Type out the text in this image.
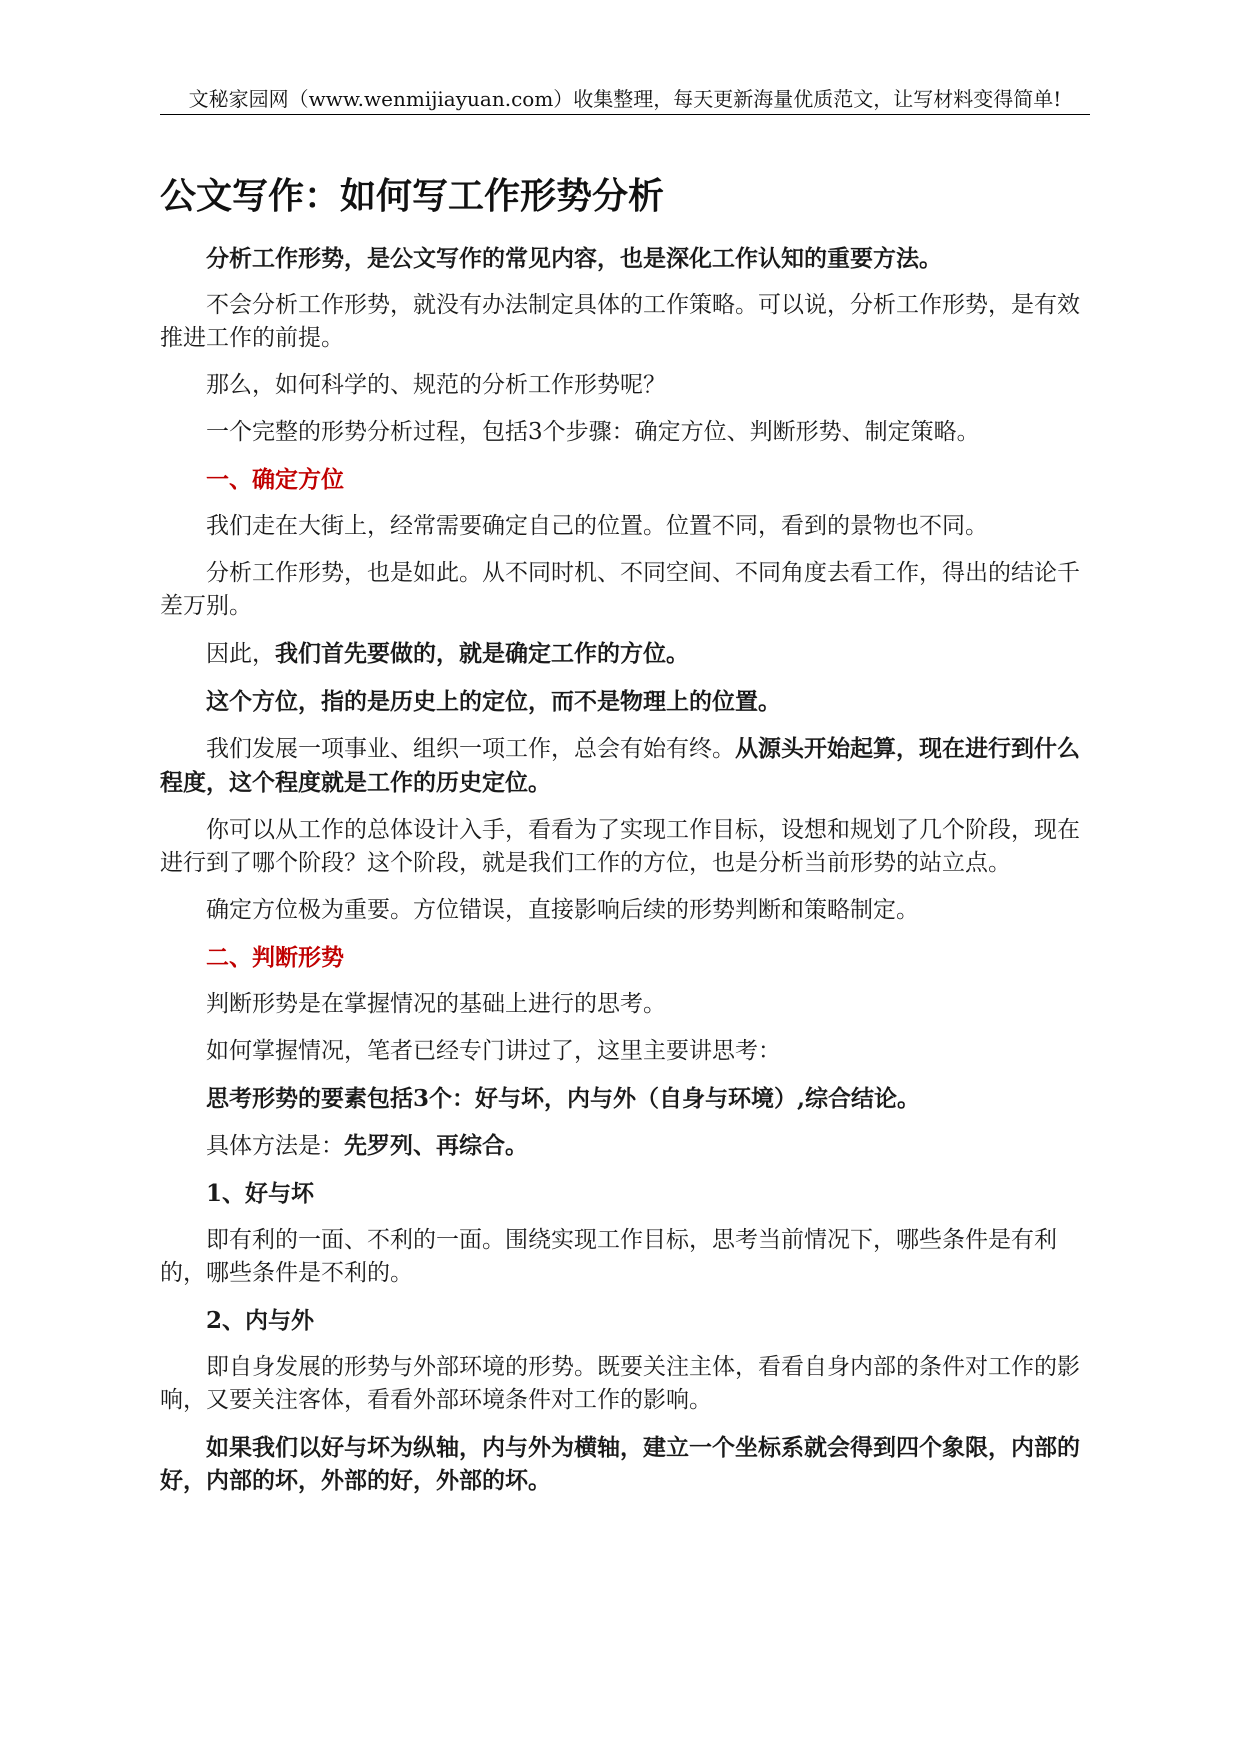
文秘家园网（www.wenmijiayuan.com）收集整理，每天更新海量优质范文，让写材料变得简单!
公文写作：如何写工作形势分析

分析工作形势，是公文写作的常见内容，也是深化工作认知的重要方法。

不会分析工作形势，就没有办法制定具体的工作策略。可以说，分析工作形势，是有效推进工作的前提。

那么，如何科学的、规范的分析工作形势呢？

一个完整的形势分析过程，包括3个步骤：确定方位、判断形势、制定策略。

一、确定方位

我们走在大街上，经常需要确定自己的位置。位置不同，看到的景物也不同。

分析工作形势，也是如此。从不同时机、不同空间、不同角度去看工作，得出的结论千差万别。

因此，我们首先要做的，就是确定工作的方位。

这个方位，指的是历史上的定位，而不是物理上的位置。

我们发展一项事业、组织一项工作，总会有始有终。从源头开始起算，现在进行到什么程度，这个程度就是工作的历史定位。

你可以从工作的总体设计入手，看看为了实现工作目标，设想和规划了几个阶段，现在进行到了哪个阶段？这个阶段，就是我们工作的方位，也是分析当前形势的站立点。

确定方位极为重要。方位错误，直接影响后续的形势判断和策略制定。

二、判断形势

判断形势是在掌握情况的基础上进行的思考。

如何掌握情况，笔者已经专门讲过了，这里主要讲思考：

思考形势的要素包括3个：好与坏，内与外（自身与环境）,综合结论。

具体方法是：先罗列、再综合。

1、好与坏

即有利的一面、不利的一面。围绕实现工作目标，思考当前情况下，哪些条件是有利的，哪些条件是不利的。

2、内与外

即自身发展的形势与外部环境的形势。既要关注主体，看看自身内部的条件对工作的影响，又要关注客体，看看外部环境条件对工作的影响。

如果我们以好与坏为纵轴，内与外为横轴，建立一个坐标系就会得到四个象限，内部的好，内部的坏，外部的好，外部的坏。
